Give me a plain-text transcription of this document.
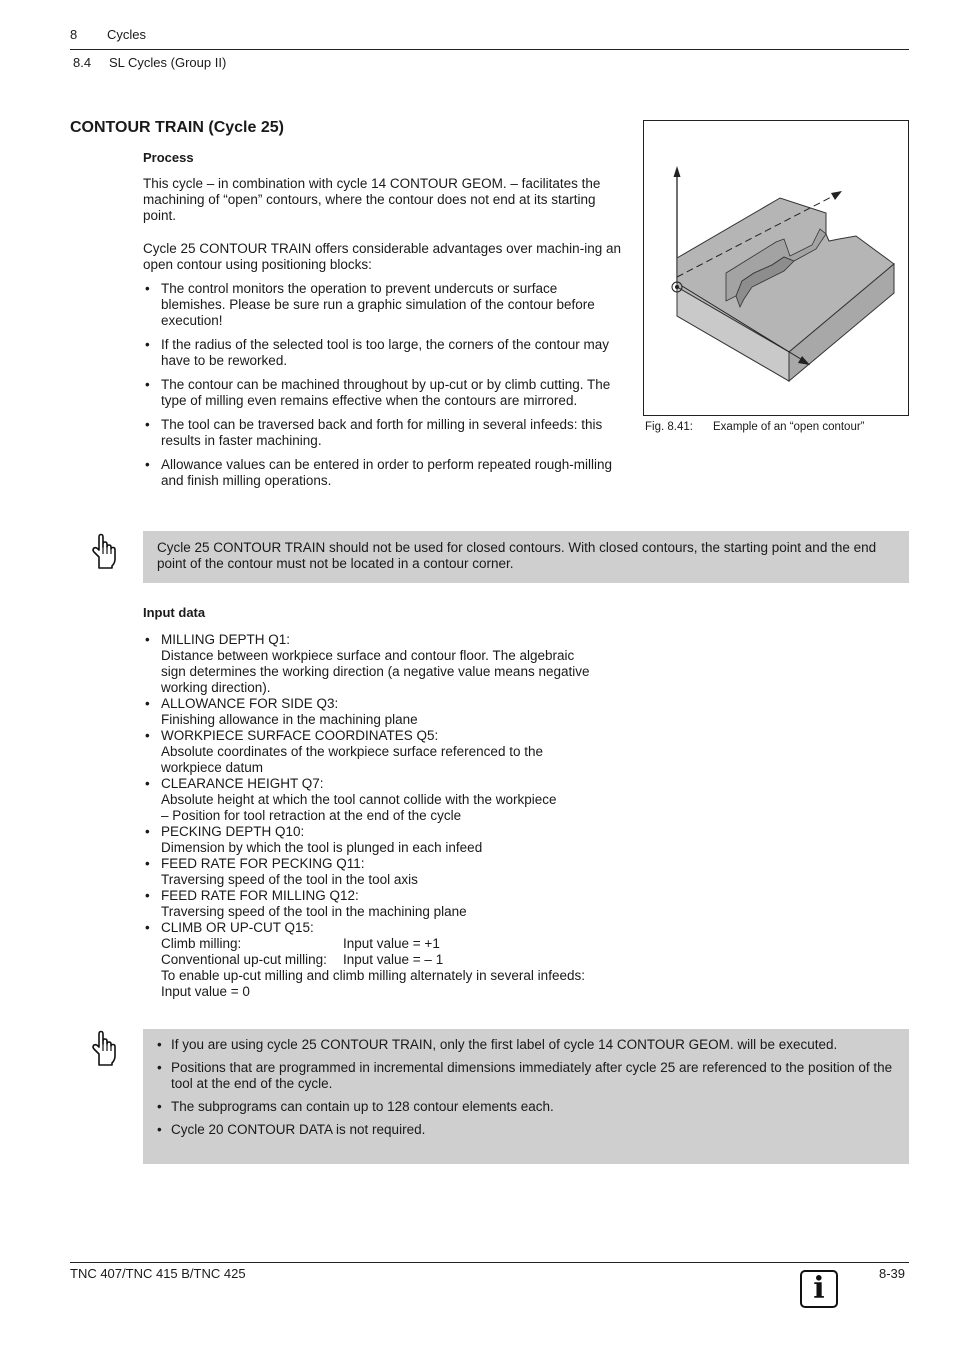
8 Cycles
8.4 SL Cycles (Group II)
CONTOUR TRAIN (Cycle 25)
Process
This cycle – in combination with cycle 14 CONTOUR GEOM. – facilitates the machining of “open” contours, where the contour does not end at its starting point.
Cycle 25 CONTOUR TRAIN offers considerable advantages over machin-ing an open contour using positioning blocks:
• The control monitors the operation to prevent undercuts or surface blemishes. Please be sure run a graphic simulation of the contour before execution!
• If the radius of the selected tool is too large, the corners of the contour may have to be reworked.
• The contour can be machined throughout by up-cut or by climb cutting. The type of milling even remains effective when the contours are mirrored.
• The tool can be traversed back and forth for milling in several infeeds: this results in faster machining.
• Allowance values can be entered in order to perform repeated rough-milling and finish milling operations.
Fig. 8.41: Example of an “open contour”
Cycle 25 CONTOUR TRAIN should not be used for closed contours. With closed contours, the starting point and the end point of the contour must not be located in a contour corner.
Input data
• MILLING DEPTH Q1:
Distance between workpiece surface and contour floor. The algebraic
sign determines the working direction (a negative value means negative
working direction).
• ALLOWANCE FOR SIDE Q3:
Finishing allowance in the machining plane
• WORKPIECE SURFACE COORDINATES Q5:
Absolute coordinates of the workpiece surface referenced to the
workpiece datum
• CLEARANCE HEIGHT Q7:
Absolute height at which the tool cannot collide with the workpiece
– Position for tool retraction at the end of the cycle
• PECKING DEPTH Q10:
Dimension by which the tool is plunged in each infeed
• FEED RATE FOR PECKING Q11:
Traversing speed of the tool in the tool axis
• FEED RATE FOR MILLING Q12:
Traversing speed of the tool in the machining plane
• CLIMB OR UP-CUT Q15:
Climb milling:	Input value = +1
Conventional up-cut milling: Input value = – 1
To enable up-cut milling and climb milling alternately in several infeeds:
Input value = 0
• If you are using cycle 25 CONTOUR TRAIN, only the first label of cycle 14 CONTOUR GEOM. will be executed.
• Positions that are programmed in incremental dimensions immediately after cycle 25 are referenced to the position of the tool at the end of the cycle.
• The subprograms can contain up to 128 contour elements each.
• Cycle 20 CONTOUR DATA is not required.
TNC 407/TNC 415 B/TNC 425	8-39
i
